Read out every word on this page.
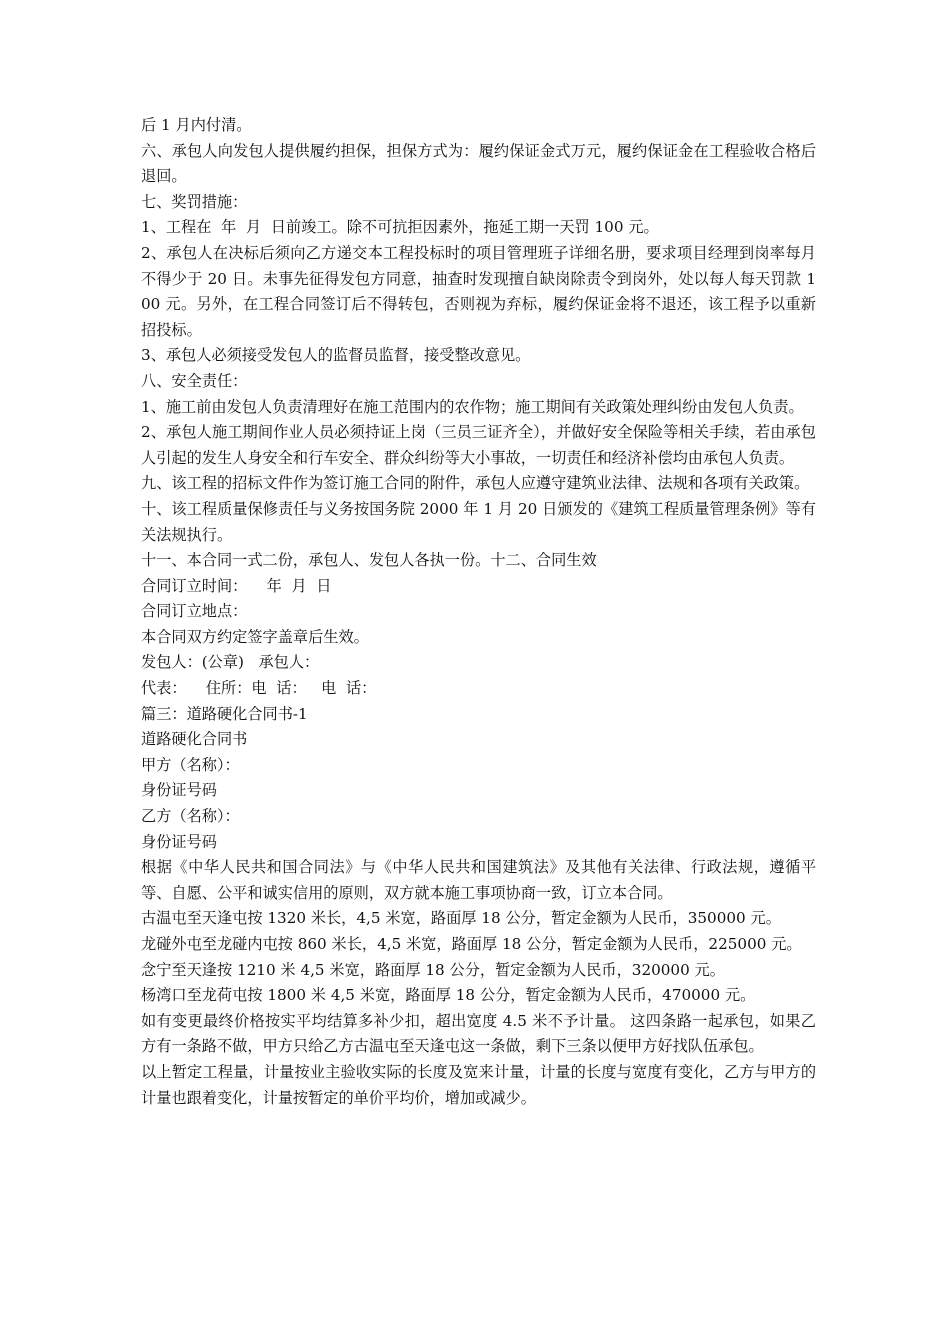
后 1 月内付清。

六、承包人向发包人提供履约担保，担保方式为：履约保证金式万元，履约保证金在工程验收合格后退回。

七、奖罚措施：

1、工程在  年  月  日前竣工。除不可抗拒因素外，拖延工期一天罚 100 元。

2、承包人在决标后须向乙方递交本工程投标时的项目管理班子详细名册，要求项目经理到岗率每月不得少于 20 日。未事先征得发包方同意，抽查时发现擅自缺岗除责令到岗外，处以每人每天罚款 100 元。另外，在工程合同签订后不得转包，否则视为弃标，履约保证金将不退还，该工程予以重新招投标。

3、承包人必须接受发包人的监督员监督，接受整改意见。

八、安全责任：

1、施工前由发包人负责清理好在施工范围内的农作物；施工期间有关政策处理纠纷由发包人负责。

2、承包人施工期间作业人员必须持证上岗（三员三证齐全），并做好安全保险等相关手续，若由承包人引起的发生人身安全和行车安全、群众纠纷等大小事故，一切责任和经济补偿均由承包人负责。

九、该工程的招标文件作为签订施工合同的附件，承包人应遵守建筑业法律、法规和各项有关政策。

十、该工程质量保修责任与义务按国务院 2000 年 1 月 20 日颁发的《建筑工程质量管理条例》等有关法规执行。

十一、本合同一式二份，承包人、发包人各执一份。十二、合同生效

合同订立时间：    年  月  日

合同订立地点：

本合同双方约定签字盖章后生效。

发包人：(公章)   承包人：

代表：    住所：电  话：   电  话：

篇三：道路硬化合同书-1

道路硬化合同书

甲方（名称）：

身份证号码

乙方（名称）：

身份证号码

根据《中华人民共和国合同法》与《中华人民共和国建筑法》及其他有关法律、行政法规，遵循平等、自愿、公平和诚实信用的原则，双方就本施工事项协商一致，订立本合同。

古温屯至天逢屯按 1320 米长，4,5 米宽，路面厚 18 公分，暂定金额为人民币，350000 元。

龙碰外屯至龙碰内屯按 860 米长，4,5 米宽，路面厚 18 公分，暂定金额为人民币，225000 元。

念宁至天逢按 1210 米 4,5 米宽，路面厚 18 公分，暂定金额为人民币，320000 元。

杨湾口至龙荷屯按 1800 米 4,5 米宽，路面厚 18 公分，暂定金额为人民币，470000 元。

如有变更最终价格按实平均结算多补少扣，超出宽度 4.5 米不予计量。 这四条路一起承包，如果乙方有一条路不做，甲方只给乙方古温屯至天逢屯这一条做，剩下三条以便甲方好找队伍承包。

以上暂定工程量，计量按业主验收实际的长度及宽来计量，计量的长度与宽度有变化，乙方与甲方的计量也跟着变化，计量按暂定的单价平均价，增加或减少。
